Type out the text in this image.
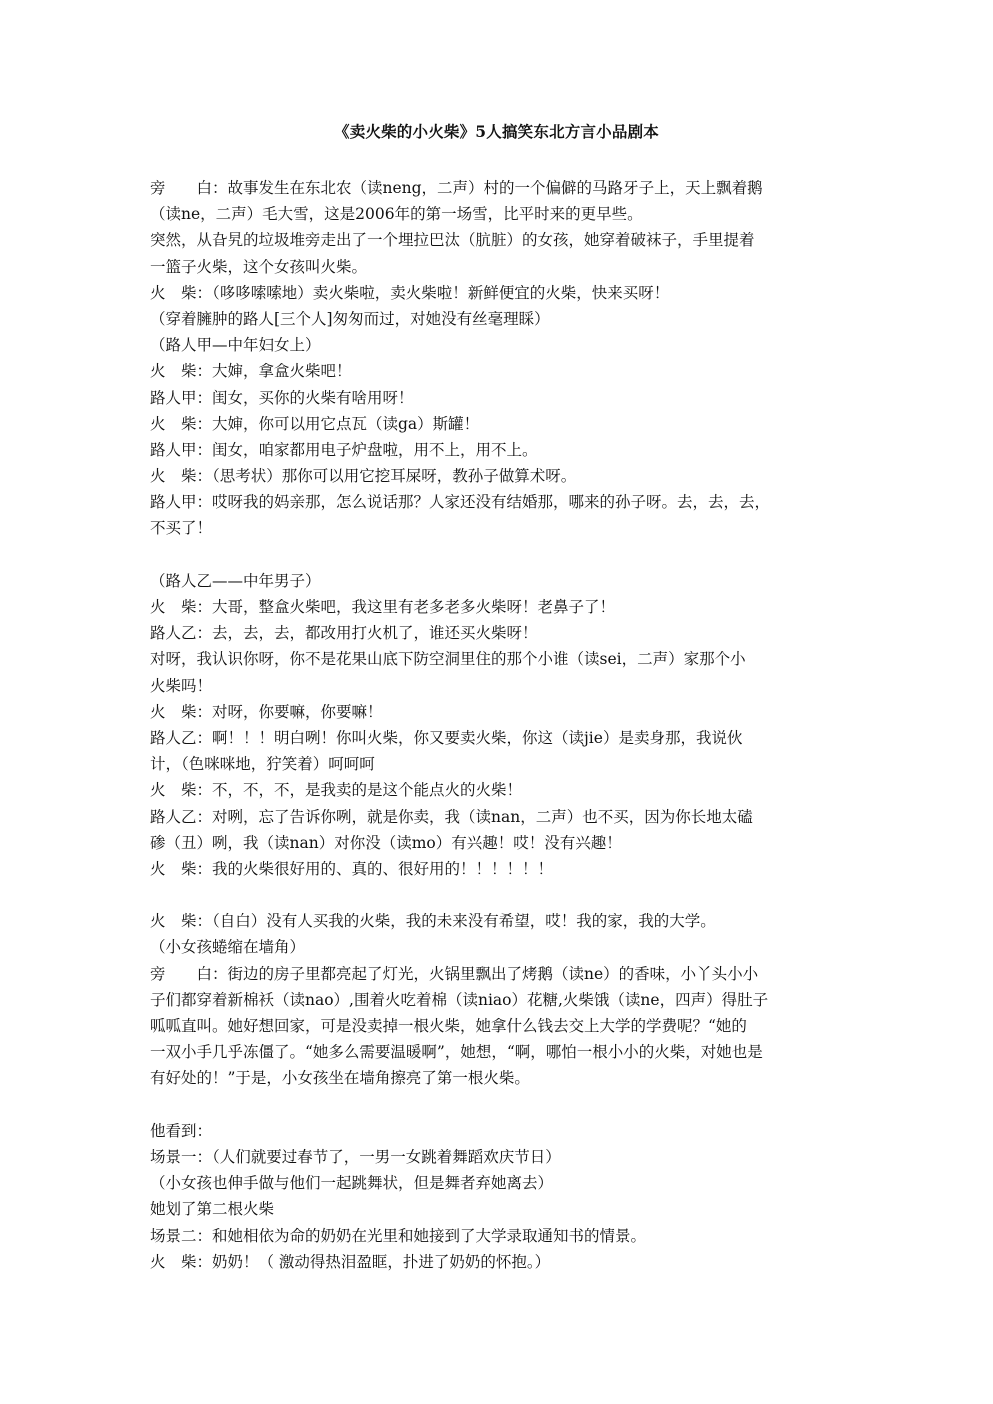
《卖火柴的小火柴》5人搞笑东北方言小品剧本
旁　　白：故事发生在东北农（读neng，二声）村的一个偏僻的马路牙子上，天上飘着鹅
（读ne，二声）毛大雪，这是2006年的第一场雪，比平时来的更早些。
突然，从旮旯的垃圾堆旁走出了一个埋拉巴汰（肮脏）的女孩，她穿着破袜子，手里提着
一篮子火柴，这个女孩叫火柴。
火　柴：（哆哆嗦嗦地）卖火柴啦，卖火柴啦！新鲜便宜的火柴，快来买呀！
（穿着臃肿的路人[三个人]匆匆而过，对她没有丝毫理睬）
（路人甲—中年妇女上）
火　柴：大婶，拿盒火柴吧！
路人甲：闺女，买你的火柴有啥用呀！
火　柴：大婶，你可以用它点瓦（读ga）斯罐！
路人甲：闺女，咱家都用电子炉盘啦，用不上，用不上。
火　柴：（思考状）那你可以用它挖耳屎呀，教孙子做算术呀。
路人甲：哎呀我的妈亲那，怎么说话那？人家还没有结婚那，哪来的孙子呀。去，去，去，
不买了！
（路人乙——中年男子）
火　柴：大哥，整盒火柴吧，我这里有老多老多火柴呀！老鼻子了！
路人乙：去，去，去，都改用打火机了，谁还买火柴呀！
对呀，我认识你呀，你不是花果山底下防空洞里住的那个小谁（读sei，二声）家那个小
火柴吗！
火　柴：对呀，你要嘛，你要嘛！
路人乙：啊！！！明白咧！你叫火柴，你又要卖火柴，你这（读jie）是卖身那，我说伙
计，（色咪咪地，狞笑着）呵呵呵
火　柴：不，不，不，是我卖的是这个能点火的火柴！
路人乙：对咧，忘了告诉你咧，就是你卖，我（读nan，二声）也不买，因为你长地太磕
碜（丑）咧，我（读nan）对你没（读mo）有兴趣！哎！没有兴趣！
火　柴：我的火柴很好用的、真的、很好用的！！！！！！
火　柴：（自白）没有人买我的火柴，我的未来没有希望，哎！我的家，我的大学。
（小女孩蜷缩在墙角）
旁　　白：街边的房子里都亮起了灯光，火锅里飘出了烤鹅（读ne）的香味，小丫头小小
子们都穿着新棉袄（读nao）,围着火吃着棉（读niao）花糖,火柴饿（读ne，四声）得肚子
呱呱直叫。她好想回家，可是没卖掉一根火柴，她拿什么钱去交上大学的学费呢？“她的
一双小手几乎冻僵了。“她多么需要温暖啊”，她想，“啊，哪怕一根小小的火柴，对她也是
有好处的！”于是，小女孩坐在墙角擦亮了第一根火柴。
他看到：
场景一：（人们就要过春节了，一男一女跳着舞蹈欢庆节日）
（小女孩也伸手做与他们一起跳舞状，但是舞者弃她离去）
她划了第二根火柴
场景二：和她相依为命的奶奶在光里和她接到了大学录取通知书的情景。
火　柴：奶奶！（ 激动得热泪盈眶，扑进了奶奶的怀抱。）
